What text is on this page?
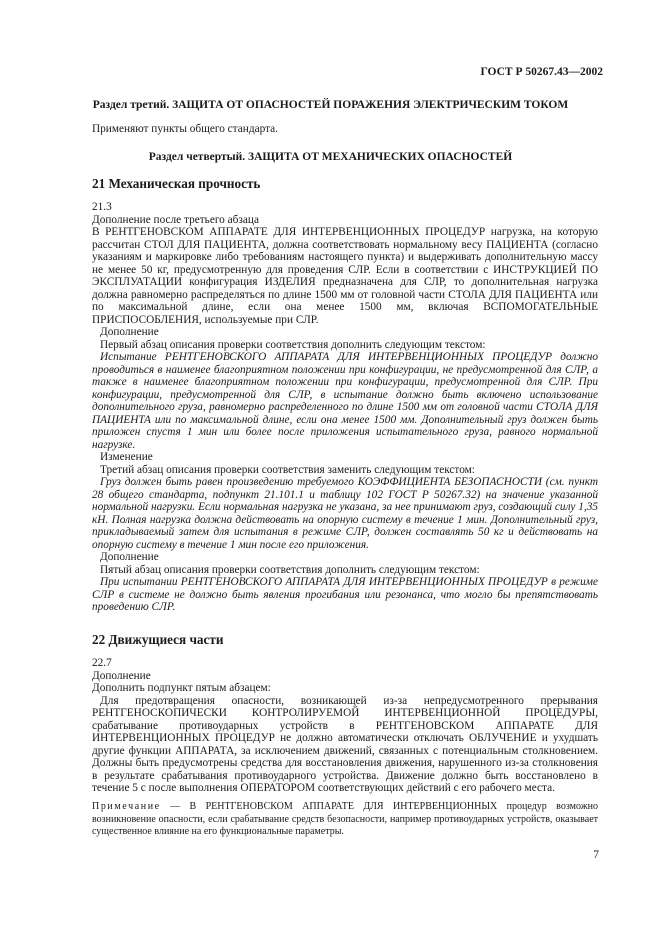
ГОСТ Р 50267.43—2002
Раздел третий. ЗАЩИТА ОТ ОПАСНОСТЕЙ ПОРАЖЕНИЯ ЭЛЕКТРИЧЕСКИМ ТОКОМ

Применяют пункты общего стандарта.

Раздел четвертый. ЗАЩИТА ОТ МЕХАНИЧЕСКИХ ОПАСНОСТЕЙ
21 Механическая прочность

21.3

Дополнение после третьего абзаца

В РЕНТГЕНОВСКОМ АППАРАТЕ ДЛЯ ИНТЕРВЕНЦИОННЫХ ПРОЦЕДУР нагрузка, на которую рассчитан СТОЛ ДЛЯ ПАЦИЕНТА, должна соответствовать нормальному весу ПАЦИЕНТА (согласно указаниям и маркировке либо требованиям настоящего пункта) и выдерживать дополнительную массу не менее 50 кг, предусмотренную для проведения СЛР. Если в соответствии с ИНСТРУКЦИЕЙ ПО ЭКСПЛУАТАЦИИ конфигурация ИЗДЕЛИЯ предназначена для СЛР, то дополнительная нагрузка должна равномерно распределяться по длине 1500 мм от головной части СТОЛА ДЛЯ ПАЦИЕНТА или по максимальной длине, если она менее 1500 мм, включая ВСПОМОГАТЕЛЬНЫЕ ПРИСПОСОБЛЕНИЯ, используемые при СЛР.

Дополнение

Первый абзац описания проверки соответствия дополнить следующим текстом:

Испытание РЕНТГЕНОВСКОГО АППАРАТА ДЛЯ ИНТЕРВЕНЦИОННЫХ ПРОЦЕДУР должно проводиться в наименее благоприятном положении при конфигурации, не предусмотренной для СЛР, а также в наименее благоприятном положении при конфигурации, предусмотренной для СЛР. При конфигурации, предусмотренной для СЛР, в испытание должно быть включено использование дополнительного груза, равномерно распределенного по длине 1500 мм от головной части СТОЛА ДЛЯ ПАЦИЕНТА или по максимальной длине, если она менее 1500 мм. Дополнительный груз должен быть приложен спустя 1 мин или более после приложения испытательного груза, равного нормальной нагрузке.

Изменение

Третий абзац описания проверки соответствия заменить следующим текстом:

Груз должен быть равен произведению требуемого КОЭФФИЦИЕНТА БЕЗОПАСНОСТИ (см. пункт 28 общего стандарта, подпункт 21.101.1 и таблицу 102 ГОСТ Р 50267.32) на значение указанной нормальной нагрузки. Если нормальная нагрузка не указана, за нее принимают груз, создающий силу 1,35 кН. Полная нагрузка должна действовать на опорную систему в течение 1 мин. Дополнительный груз, прикладываемый затем для испытания в режиме СЛР, должен составлять 50 кг и действовать на опорную систему в течение 1 мин после его приложения.

Дополнение

Пятый абзац описания проверки соответствия дополнить следующим текстом:

При испытании РЕНТГЕНОВСКОГО АППАРАТА ДЛЯ ИНТЕРВЕНЦИОННЫХ ПРОЦЕДУР в режиме СЛР в системе не должно быть явления прогибания или резонанса, что могло бы препятствовать проведению СЛР.

22 Движущиеся части

22.7

Дополнение

Дополнить подпункт пятым абзацем:

Для предотвращения опасности, возникающей из-за непредусмотренного прерывания РЕНТГЕНОСКОПИЧЕСКИ КОНТРОЛИРУЕМОЙ ИНТЕРВЕНЦИОННОЙ ПРОЦЕДУРЫ, срабатывание противоударных устройств в РЕНТГЕНОВСКОМ АППАРАТЕ ДЛЯ ИНТЕРВЕНЦИОННЫХ ПРОЦЕДУР не должно автоматически отключать ОБЛУЧЕНИЕ и ухудшать другие функции АППАРАТА, за исключением движений, связанных с потенциальным столкновением. Должны быть предусмотрены средства для восстановления движения, нарушенного из-за столкновения в результате срабатывания противоударного устройства. Движение должно быть восстановлено в течение 5 с после выполнения ОПЕРАТОРОМ соответствующих действий с его рабочего места.

Примечание — В РЕНТГЕНОВСКОМ АППАРАТЕ ДЛЯ ИНТЕРВЕНЦИОННЫХ процедур возможно возникновение опасности, если срабатывание средств безопасности, например противоударных устройств, оказывает существенное влияние на его функциональные параметры.
7
